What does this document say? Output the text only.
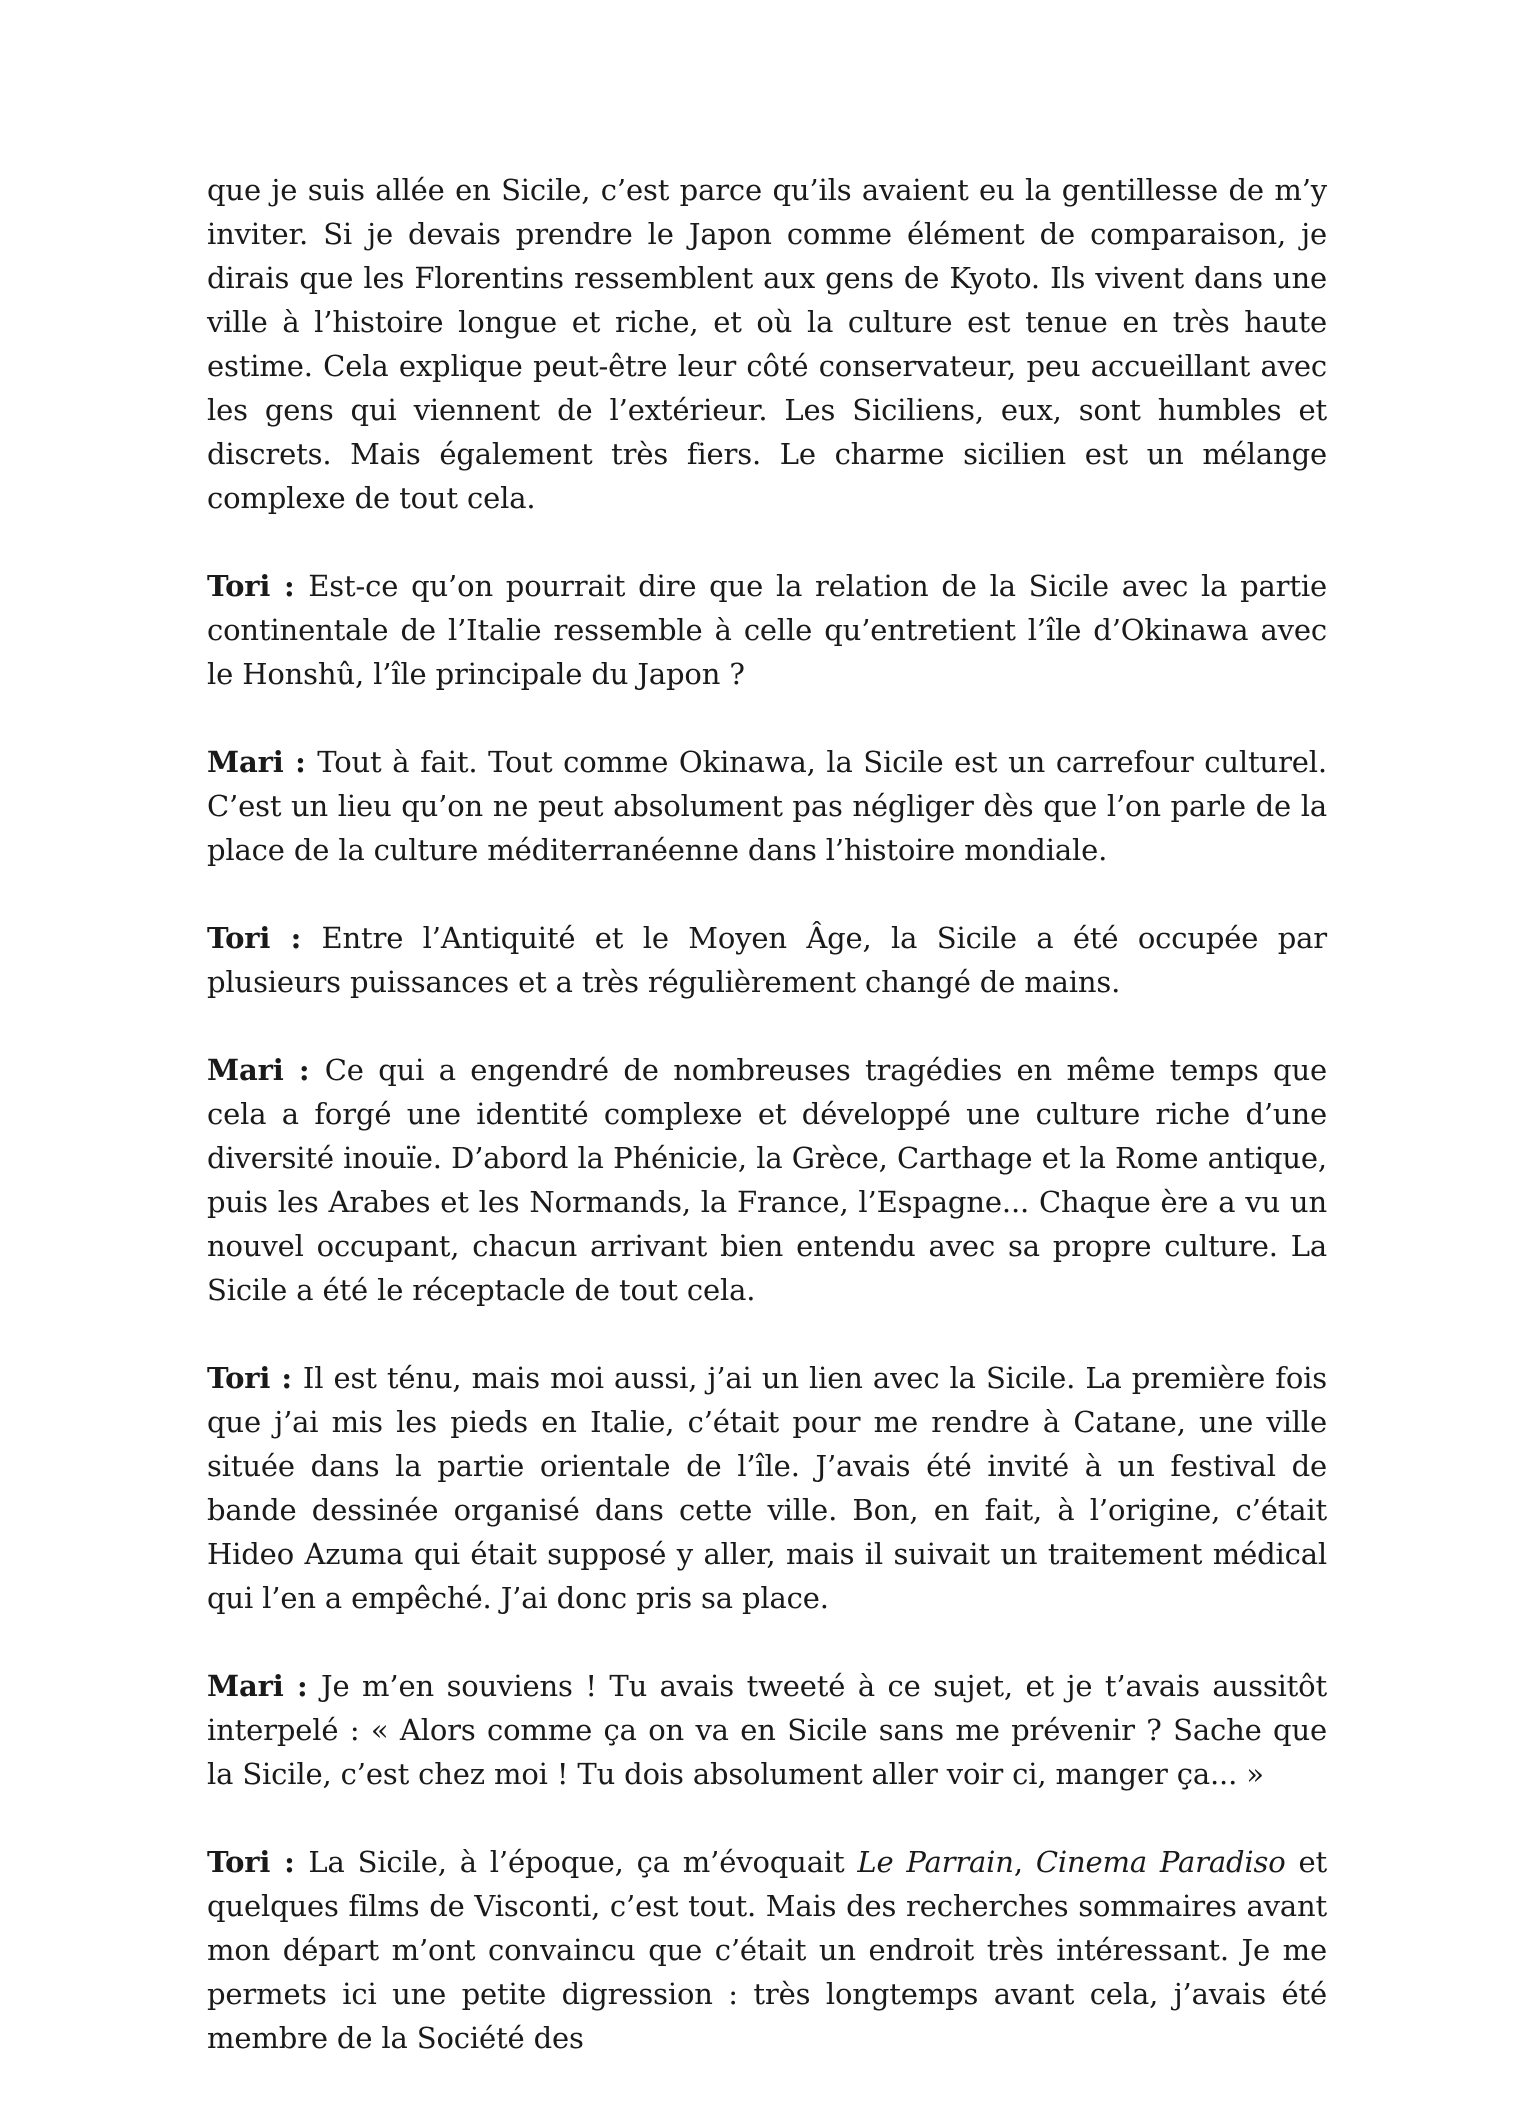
que je suis allée en Sicile, c’est parce qu’ils avaient eu la gentillesse de m’y inviter. Si je devais prendre le Japon comme élément de comparaison, je dirais que les Florentins ressemblent aux gens de Kyoto. Ils vivent dans une ville à l’histoire longue et riche, et où la culture est tenue en très haute estime. Cela explique peut-être leur côté conservateur, peu accueillant avec les gens qui viennent de l’extérieur. Les Siciliens, eux, sont humbles et discrets. Mais également très fiers. Le charme sicilien est un mélange complexe de tout cela.

Tori : Est-ce qu’on pourrait dire que la relation de la Sicile avec la partie continentale de l’Italie ressemble à celle qu’entretient l’île d’Okinawa avec le Honshû, l’île principale du Japon ?

Mari : Tout à fait. Tout comme Okinawa, la Sicile est un carrefour culturel. C’est un lieu qu’on ne peut absolument pas négliger dès que l’on parle de la place de la culture méditerranéenne dans l’histoire mondiale.

Tori : Entre l’Antiquité et le Moyen Âge, la Sicile a été occupée par plusieurs puissances et a très régulièrement changé de mains.

Mari : Ce qui a engendré de nombreuses tragédies en même temps que cela a forgé une identité complexe et développé une culture riche d’une diversité inouïe. D’abord la Phénicie, la Grèce, Carthage et la Rome antique, puis les Arabes et les Normands, la France, l’Espagne... Chaque ère a vu un nouvel occupant, chacun arrivant bien entendu avec sa propre culture. La Sicile a été le réceptacle de tout cela.

Tori : Il est ténu, mais moi aussi, j’ai un lien avec la Sicile. La première fois que j’ai mis les pieds en Italie, c’était pour me rendre à Catane, une ville située dans la partie orientale de l’île. J’avais été invité à un festival de bande dessinée organisé dans cette ville. Bon, en fait, à l’origine, c’était Hideo Azuma qui était supposé y aller, mais il suivait un traitement médical qui l’en a empêché. J’ai donc pris sa place.

Mari : Je m’en souviens ! Tu avais tweeté à ce sujet, et je t’avais aussitôt interpelé : « Alors comme ça on va en Sicile sans me prévenir ? Sache que la Sicile, c’est chez moi ! Tu dois absolument aller voir ci, manger ça... »

Tori : La Sicile, à l’époque, ça m’évoquait Le Parrain, Cinema Paradiso et quelques films de Visconti, c’est tout. Mais des recherches sommaires avant mon départ m’ont convaincu que c’était un endroit très intéressant. Je me permets ici une petite digression : très longtemps avant cela, j’avais été membre de la Société des
